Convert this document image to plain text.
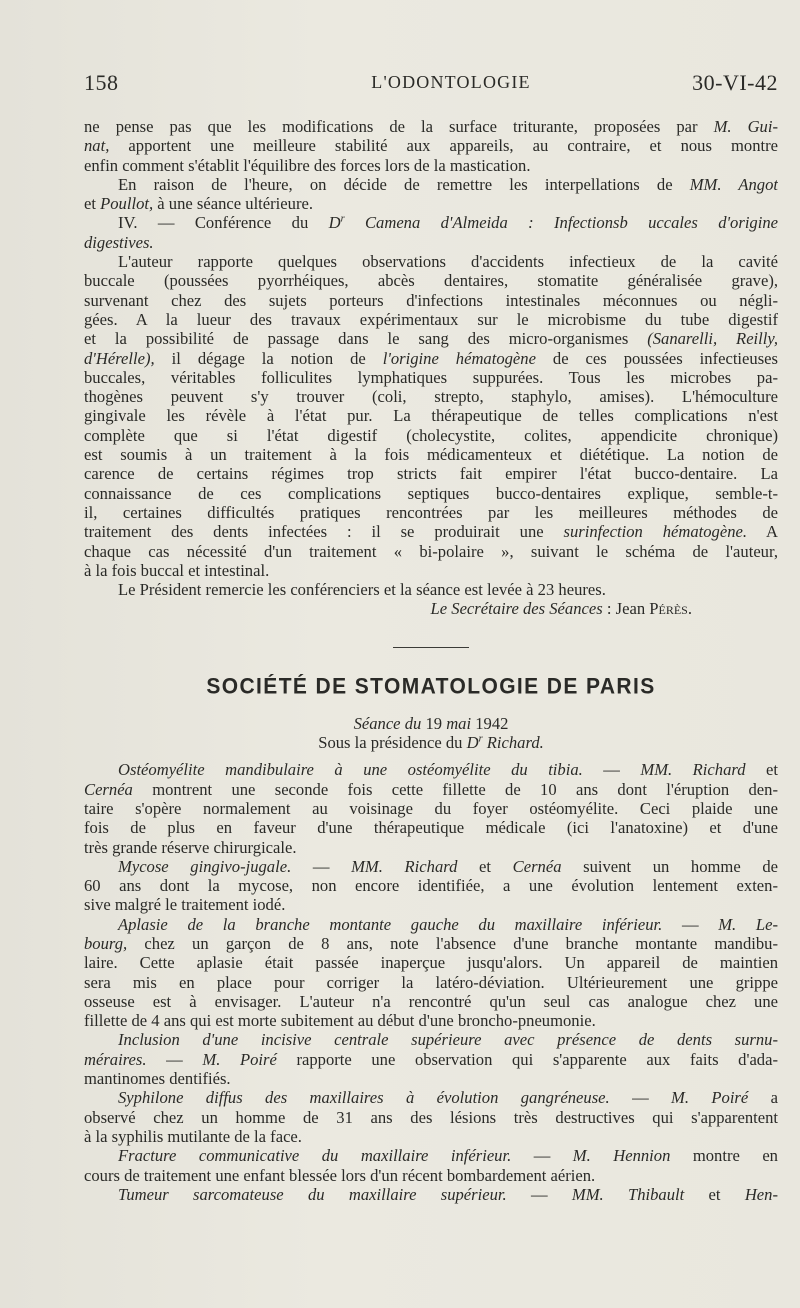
158	L'ODONTOLOGIE	30-VI-42
ne pense pas que les modifications de la surface triturante, proposées par M. Gui-
nat, apportent une meilleure stabilité aux appareils, au contraire, et nous montre
enfin comment s'établit l'équilibre des forces lors de la mastication.
En raison de l'heure, on décide de remettre les interpellations de MM. Angot
et Poullot, à une séance ultérieure.
IV. — Conférence du $D^r$ Camena d'Almeida : Infectionsb uccales d'origine
digestives.
L'auteur rapporte quelques observations d'accidents infectieux de la cavité
buccale (poussées pyorrhéiques, abcès dentaires, stomatite généralisée grave),
survenant chez des sujets porteurs d'infections intestinales méconnues ou négli-
gées. A la lueur des travaux expérimentaux sur le microbisme du tube digestif
et la possibilité de passage dans le sang des micro-organismes (Sanarelli, Reilly,
d'Hérelle), il dégage la notion de l'origine hématogène de ces poussées infectieuses
buccales, véritables folliculites lymphatiques suppurées. Tous les microbes pa-
thogènes peuvent s'y trouver (coli, strepto, staphylo, amises). L'hémoculture
gingivale les révèle à l'état pur. La thérapeutique de telles complications n'est
complète que si l'état digestif (cholecystite, colites, appendicite chronique)
est soumis à un traitement à la fois médicamenteux et diététique. La notion de
carence de certains régimes trop stricts fait empirer l'état bucco-dentaire. La
connaissance de ces complications septiques bucco-dentaires explique, semble-t-
il, certaines difficultés pratiques rencontrées par les meilleures méthodes de
traitement des dents infectées : il se produirait une surinfection hématogène. A
chaque cas nécessité d'un traitement « bi-polaire », suivant le schéma de l'auteur,
à la fois buccal et intestinal.
Le Président remercie les conférenciers et la séance est levée à 23 heures.
Le Secrétaire des Séances : Jean Pérès.
SOCIÉTÉ DE STOMATOLOGIE DE PARIS
Séance du 19 mai 1942
Sous la présidence du $D^r$ Richard.
Ostéomyélite mandibulaire à une ostéomyélite du tibia. — MM. Richard et
Cernéa montrent une seconde fois cette fillette de 10 ans dont l'éruption den-
taire s'opère normalement au voisinage du foyer ostéomyélite. Ceci plaide une
fois de plus en faveur d'une thérapeutique médicale (ici l'anatoxine) et d'une
très grande réserve chirurgicale.
Mycose gingivo-jugale. — MM. Richard et Cernéa suivent un homme de
60 ans dont la mycose, non encore identifiée, a une évolution lentement exten-
sive malgré le traitement iodé.
Aplasie de la branche montante gauche du maxillaire inférieur. — M. Le-
bourg, chez un garçon de 8 ans, note l'absence d'une branche montante mandibu-
laire. Cette aplasie était passée inaperçue jusqu'alors. Un appareil de maintien
sera mis en place pour corriger la latéro-déviation. Ultérieurement une grippe
osseuse est à envisager. L'auteur n'a rencontré qu'un seul cas analogue chez une
fillette de 4 ans qui est morte subitement au début d'une broncho-pneumonie.
Inclusion d'une incisive centrale supérieure avec présence de dents surnu-
méraires. — M. Poiré rapporte une observation qui s'apparente aux faits d'ada-
mantinomes dentifiés.
Syphilone diffus des maxillaires à évolution gangréneuse. — M. Poiré a
observé chez un homme de 31 ans des lésions très destructives qui s'apparentent
à la syphilis mutilante de la face.
Fracture communicative du maxillaire inférieur. — M. Hennion montre en
cours de traitement une enfant blessée lors d'un récent bombardement aérien.
Tumeur sarcomateuse du maxillaire supérieur. — MM. Thibault et Hen-
